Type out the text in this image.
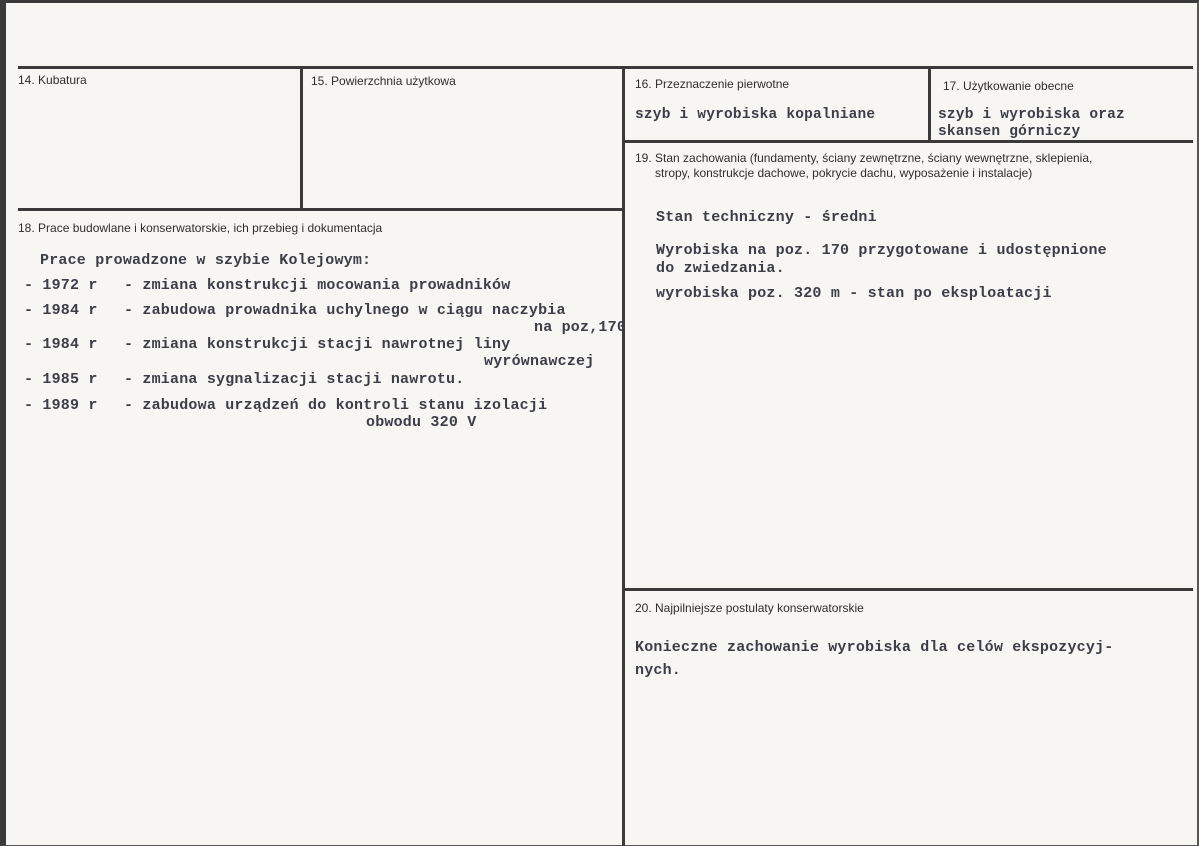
14. Kubatura	15. Powierzchnia użytkowa	16. Przeznaczenie pierwotne
szyb i wyrobiska kopalniane
17. Użytkowanie obecne
szyb i wyrobiska oraz
skansen górniczy
18. Prace budowlane i konserwatorskie, ich przebieg i dokumentacja
Prace prowadzone w szybie Kolejowym:
- 1972 r - zmiana konstrukcji mocowania prowadników
- 1984 r - zabudowa prowadnika uchylnego w ciągu naczybia
na poz,170
- 1984 r - zmiana konstrukcji stacji nawrotnej liny
wyrównawczej
- 1985 r - zmiana sygnalizacji stacji nawrotu.
- 1989 r - zabudowa urządzeń do kontroli stanu izolacji
obwodu 320 V
19. Stan zachowania (fundamenty, ściany zewnętrzne, ściany wewnętrzne, sklepienia,
stropy, konstrukcje dachowe, pokrycie dachu, wyposażenie i instalacje)
Stan techniczny - średni
Wyrobiska na poz. 170 przygotowane i udostępnione
do zwiedzania.
wyrobiska poz. 320 m - stan po eksploatacji
20. Najpilniejsze postulaty konserwatorskie
Konieczne zachowanie wyrobiska dla celów ekspozycyj-
nych.
